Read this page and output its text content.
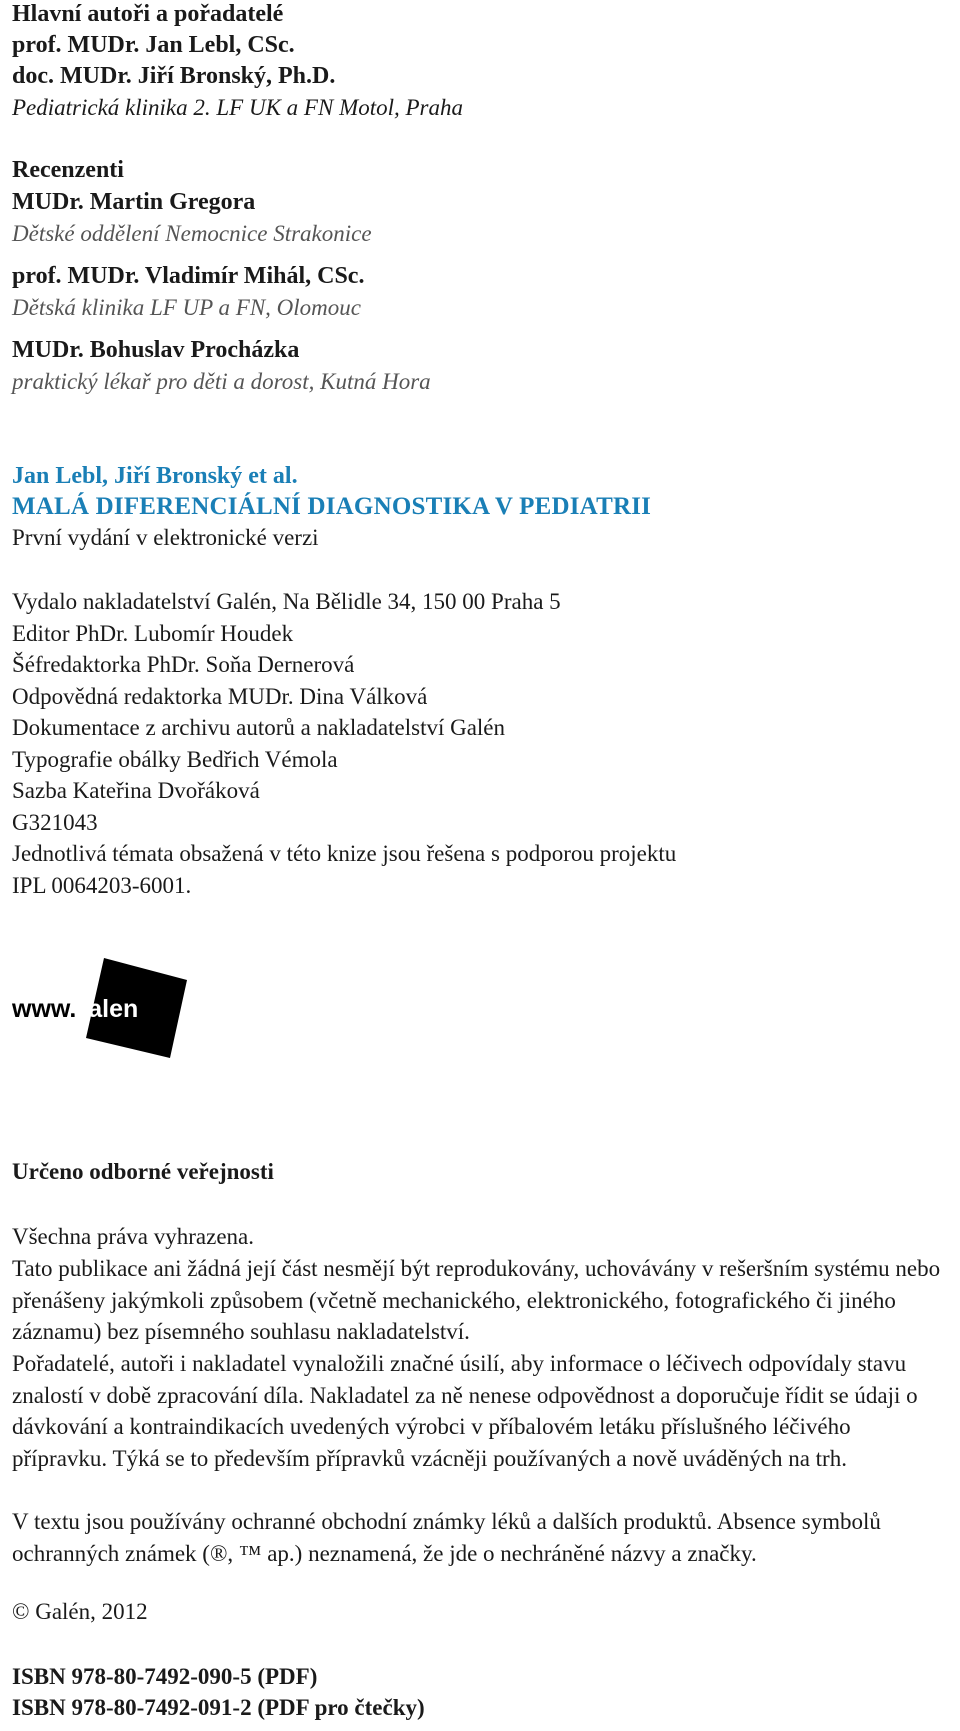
Hlavní autoři a pořadatelé
prof. MUDr. Jan Lebl, CSc.
doc. MUDr. Jiří Bronský, Ph.D.
Pediatrická klinika 2. LF UK a FN Motol, Praha
Recenzenti
MUDr. Martin Gregora
Dětské oddělení Nemocnice Strakonice
prof. MUDr. Vladimír Mihál, CSc.
Dětská klinika LF UP a FN, Olomouc
MUDr. Bohuslav Procházka
praktický lékař pro děti a dorost, Kutná Hora
Jan Lebl, Jiří Bronský et al.
MALÁ DIFERENCIÁLNÍ DIAGNOSTIKA V PEDIATRII
První vydání v elektronické verzi
Vydalo nakladatelství Galén, Na Bělidle 34, 150 00 Praha 5
Editor PhDr. Lubomír Houdek
Šéfredaktorka PhDr. Soňa Dernerová
Odpovědná redaktorka MUDr. Dina Válková
Dokumentace z archivu autorů a nakladatelství Galén
Typografie obálky Bedřich Vémola
Sazba Kateřina Dvořáková
G321043
Jednotlivá témata obsažená v této knize jsou řešena s podporou projektu
IPL 0064203-6001.
www.
galen .cz
Určeno odborné veřejnosti
Všechna práva vyhrazena.
Tato publikace ani žádná její část nesmějí být reprodukovány, uchovávány v rešeršním systému nebo přenášeny jakýmkoli způsobem (včetně mechanického, elektronického, fotografického či jiného záznamu) bez písemného souhlasu nakladatelství.
Pořadatelé, autoři i nakladatel vynaložili značné úsilí, aby informace o léčivech odpovídaly stavu znalostí v době zpracování díla. Nakladatel za ně nenese odpovědnost a doporučuje řídit se údaji o dávkování a kontraindikacích uvedených výrobci v příbalovém letáku příslušného léčivého přípravku. Týká se to především přípravků vzácněji používaných a nově uváděných na trh.
V textu jsou používány ochranné obchodní známky léků a dalších produktů. Absence symbolů ochranných známek (®, ™ ap.) neznamená, že jde o nechráněné názvy a značky.
© Galén, 2012
ISBN 978-80-7492-090-5 (PDF)
ISBN 978-80-7492-091-2 (PDF pro čtečky)
